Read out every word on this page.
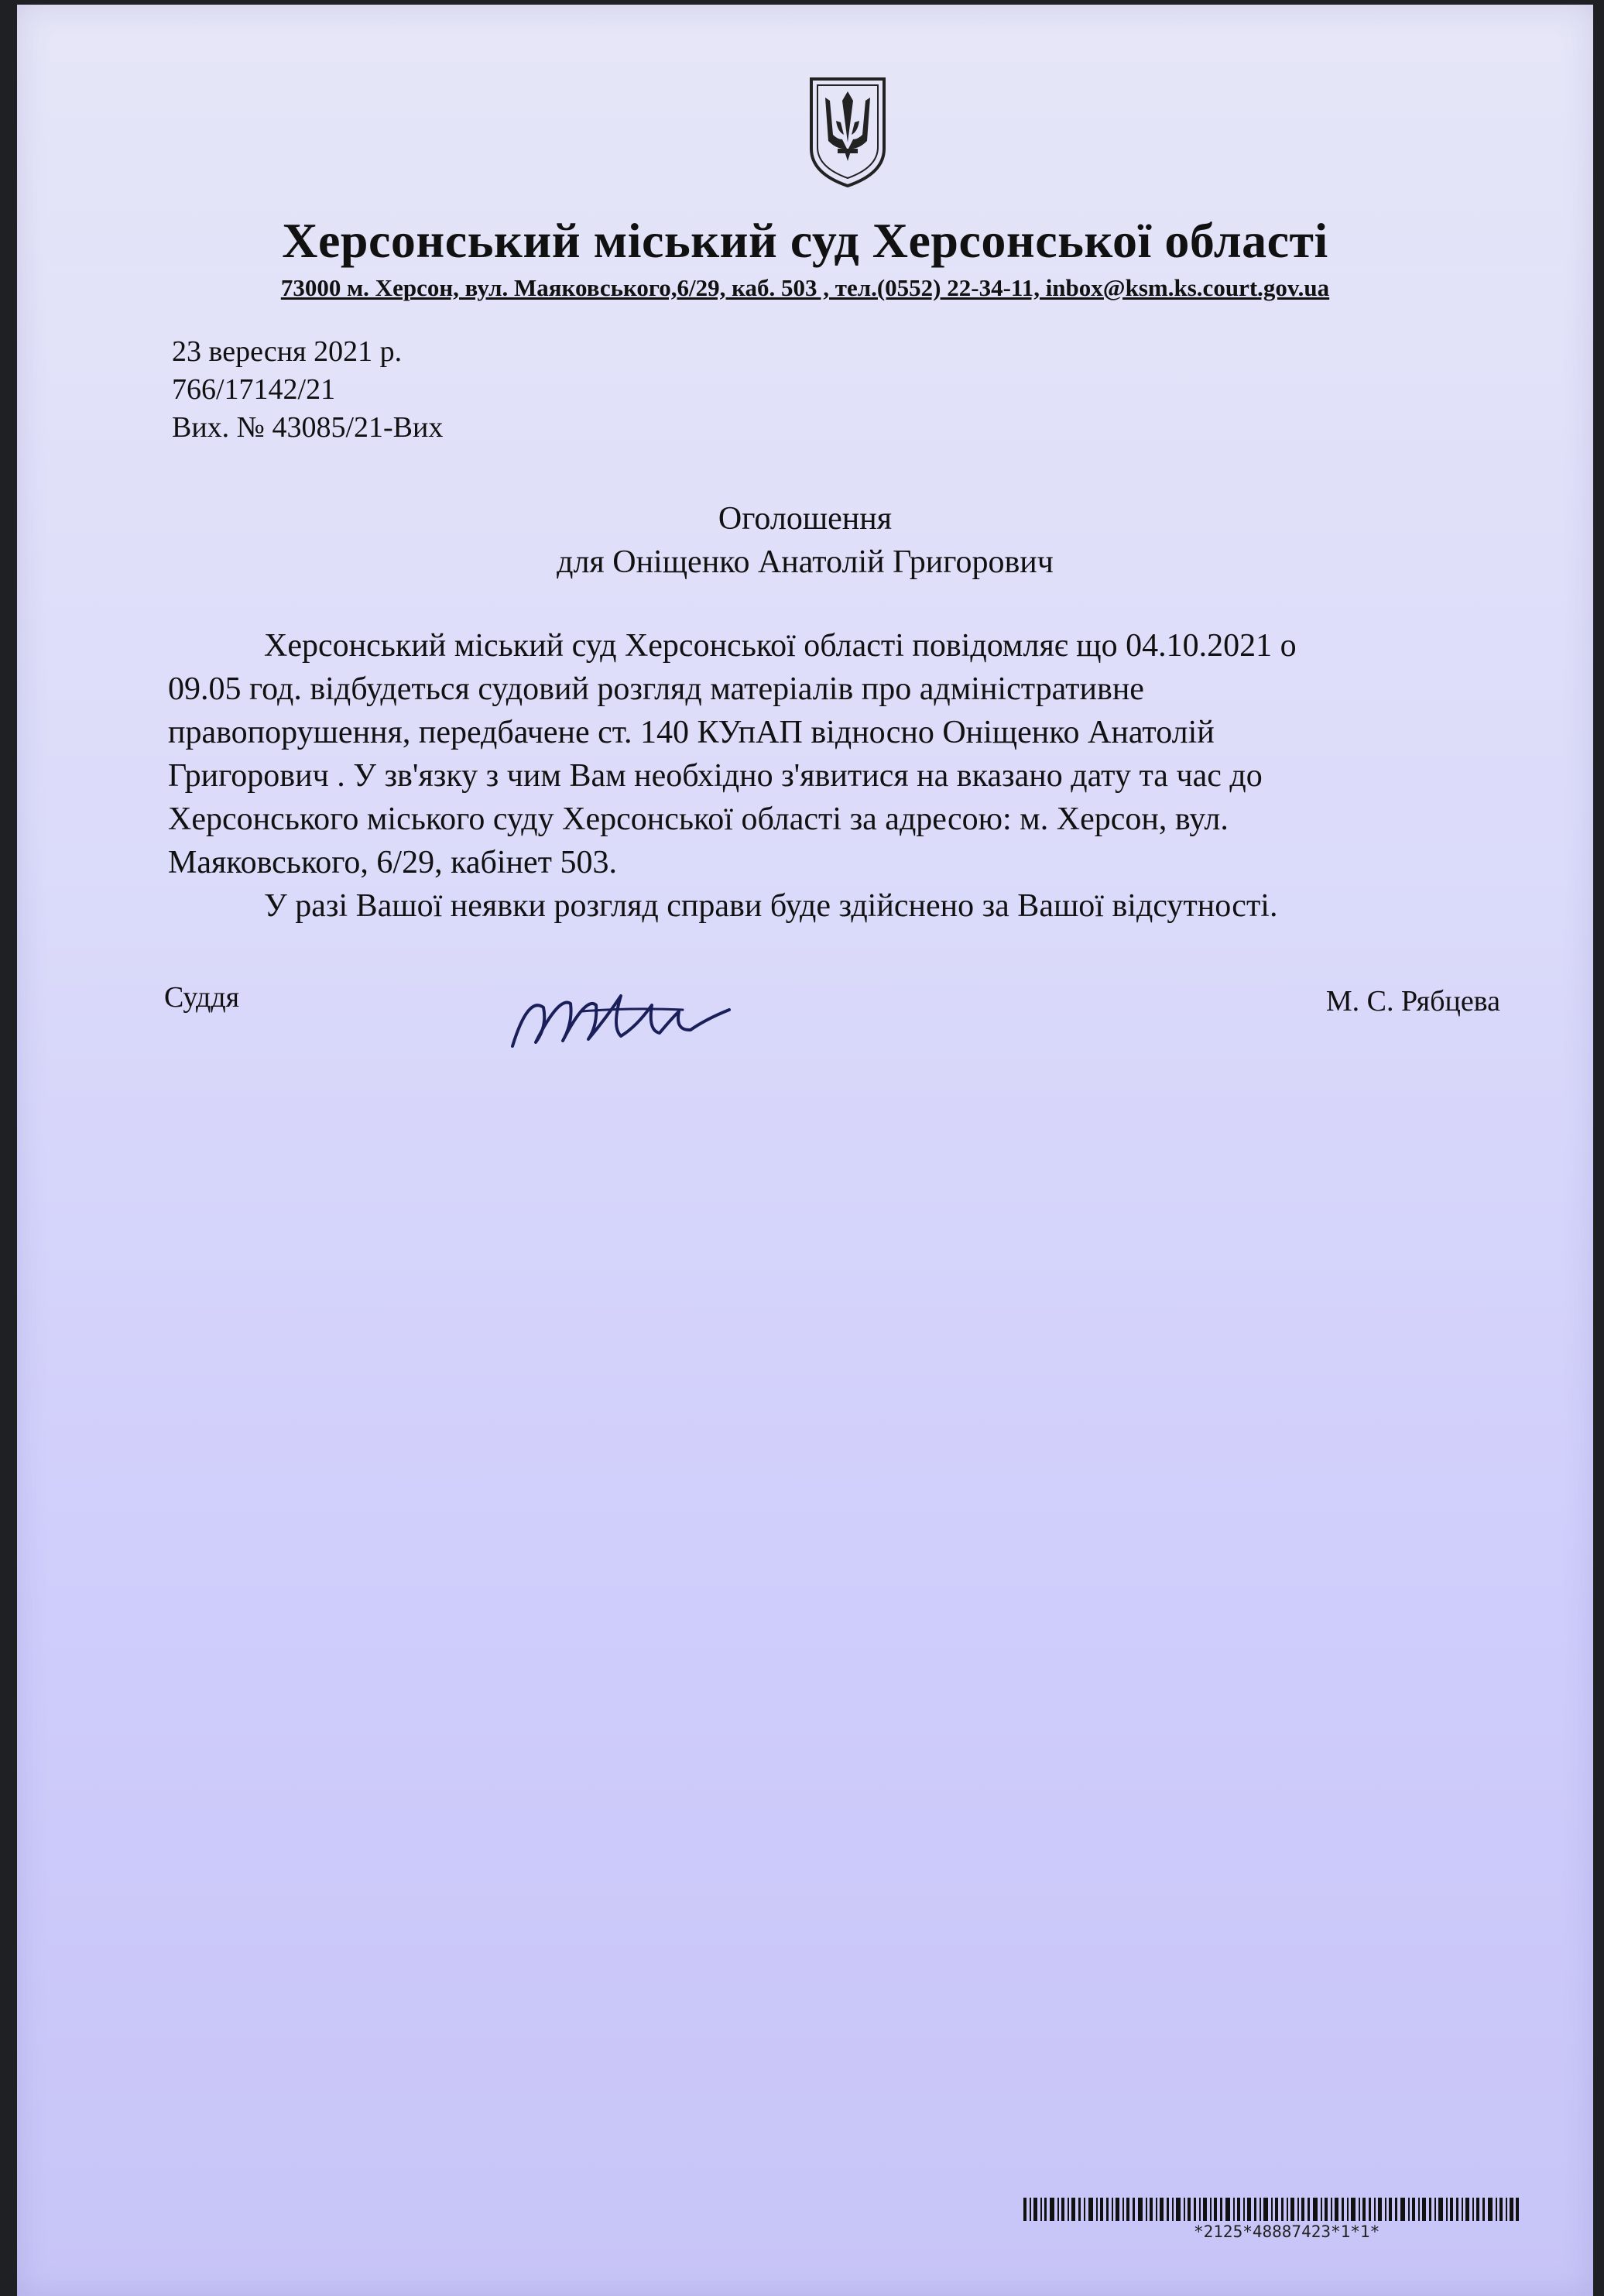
Херсонський міський суд Херсонської області
73000 м. Херсон, вул. Маяковського,6/29, каб. 503 , тел.(0552) 22-34-11, inbox@ksm.ks.court.gov.ua
23 вересня 2021 р.
766/17142/21
Вих. № 43085/21-Вих
Оголошення
для Оніщенко Анатолій Григорович
Херсонський міський суд Херсонської області повідомляє що 04.10.2021 о
09.05 год. відбудеться судовий розгляд матеріалів про адміністративне
правопорушення, передбачене ст. 140 КУпАП відносно Оніщенко Анатолій
Григорович . У зв'язку з чим Вам необхідно з'явитися на вказано дату та час до
Херсонського міського суду Херсонської області за адресою: м. Херсон, вул.
Маяковського, 6/29, кабінет 503.
У разі Вашої неявки розгляд справи буде здійснено за Вашої відсутності.
Суддя	М. С. Рябцева
*2125*48887423*1*1*
